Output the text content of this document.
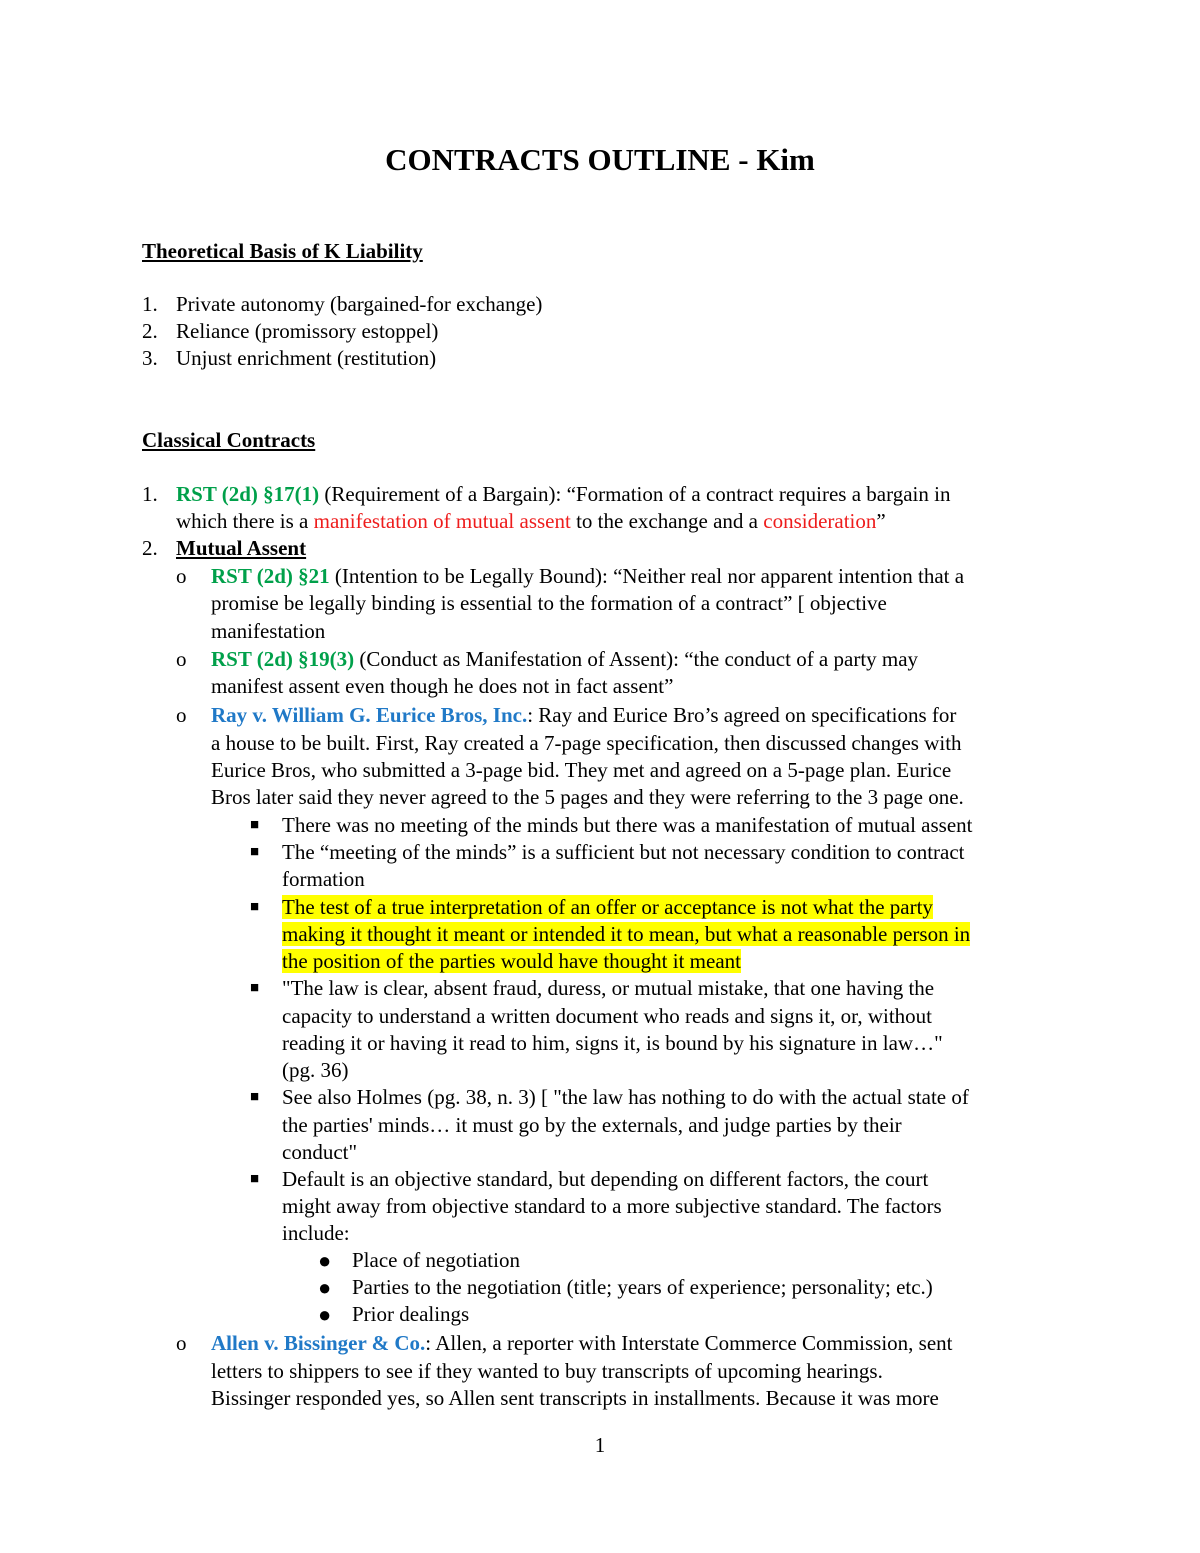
CONTRACTS OUTLINE - Kim
Theoretical Basis of K Liability
1. Private autonomy (bargained-for exchange)
2. Reliance (promissory estoppel)
3. Unjust enrichment (restitution)
Classical Contracts
1. RST (2d) §17(1) (Requirement of a Bargain): “Formation of a contract requires a bargain in
which there is a manifestation of mutual assent to the exchange and a consideration”
2. Mutual Assent
o	RST (2d) §21 (Intention to be Legally Bound): “Neither real nor apparent intention that a
promise be legally binding is essential to the formation of a contract” [ objective
manifestation
o	RST (2d) §19(3) (Conduct as Manifestation of Assent): “the conduct of a party may
manifest assent even though he does not in fact assent”
o	Ray v. William G. Eurice Bros, Inc.: Ray and Eurice Bro’s agreed on specifications for
a house to be built. First, Ray created a 7-page specification, then discussed changes with
Eurice Bros, who submitted a 3-page bid. They met and agreed on a 5-page plan. Eurice
Bros later said they never agreed to the 5 pages and they were referring to the 3 page one.
■	There was no meeting of the minds but there was a manifestation of mutual assent
■	The “meeting of the minds” is a sufficient but not necessary condition to contract
formation
■	The test of a true interpretation of an offer or acceptance is not what the party
making it thought it meant or intended it to mean, but what a reasonable person in
the position of the parties would have thought it meant
■	"The law is clear, absent fraud, duress, or mutual mistake, that one having the
capacity to understand a written document who reads and signs it, or, without
reading it or having it read to him, signs it, is bound by his signature in law…"
(pg. 36)
■	See also Holmes (pg. 38, n. 3) [ "the law has nothing to do with the actual state of
the parties' minds… it must go by the externals, and judge parties by their
conduct"
■	Default is an objective standard, but depending on different factors, the court
might away from objective standard to a more subjective standard. The factors
include:
● Place of negotiation
● Parties to the negotiation (title; years of experience; personality; etc.)
● Prior dealings
o	Allen v. Bissinger & Co.: Allen, a reporter with Interstate Commerce Commission, sent
letters to shippers to see if they wanted to buy transcripts of upcoming hearings.
Bissinger responded yes, so Allen sent transcripts in installments. Because it was more
1
